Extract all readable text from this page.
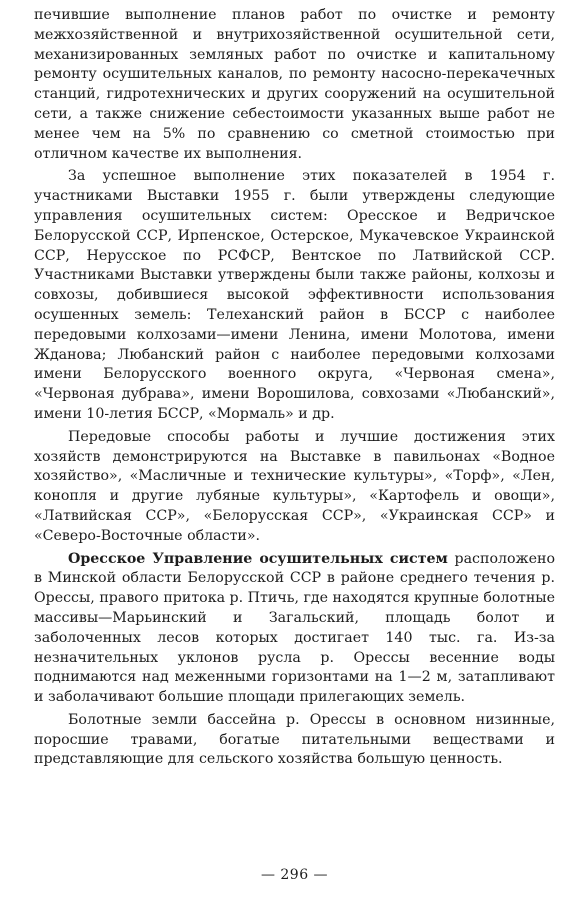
печившие выполнение планов работ по очистке и ремонту межхозяйственной и внутрихозяйственной осушительной сети, механизированных земляных работ по очистке и капитальному ремонту осушительных каналов, по ремонту насосно-перекачечных станций, гидротехнических и других сооружений на осушительной сети, а также снижение себестоимости указанных выше работ не менее чем на 5% по сравнению со сметной стоимостью при отличном качестве их выполнения.

За успешное выполнение этих показателей в 1954 г. участниками Выставки 1955 г. были утверждены следующие управления осушительных систем: Оресское и Ведричское Белорусской ССР, Ирпенское, Остерское, Мукачевское Украинской ССР, Нерусское по РСФСР, Вентское по Латвийской ССР. Участниками Выставки утверждены были также районы, колхозы и совхозы, добившиеся высокой эффективности использования осушенных земель: Телеханский район в БССР с наиболее передовыми колхозами—имени Ленина, имени Молотова, имени Жданова; Любанский район с наиболее передовыми колхозами имени Белорусского военного округа, «Червоная смена», «Червоная дубрава», имени Ворошилова, совхозами «Любанский», имени 10-летия БССР, «Мормаль» и др.

Передовые способы работы и лучшие достижения этих хозяйств демонстрируются на Выставке в павильонах «Водное хозяйство», «Масличные и технические культуры», «Торф», «Лен, конопля и другие лубяные культуры», «Картофель и овощи», «Латвийская ССР», «Белорусская ССР», «Украинская ССР» и «Северо-Восточные области».

Оресское Управление осушительных систем расположено в Минской области Белорусской ССР в районе среднего течения р. Орессы, правого притока р. Птичь, где находятся крупные болотные массивы—Марьинский и Загальский, площадь болот и заболоченных лесов которых достигает 140 тыс. га. Из-за незначительных уклонов русла р. Орессы весенние воды поднимаются над меженными горизонтами на 1—2 м, затапливают и заболачивают большие площади прилегающих земель.

Болотные земли бассейна р. Орессы в основном низинные, поросшие травами, богатые питательными веществами и представляющие для сельского хозяйства большую ценность.

— 296 —
